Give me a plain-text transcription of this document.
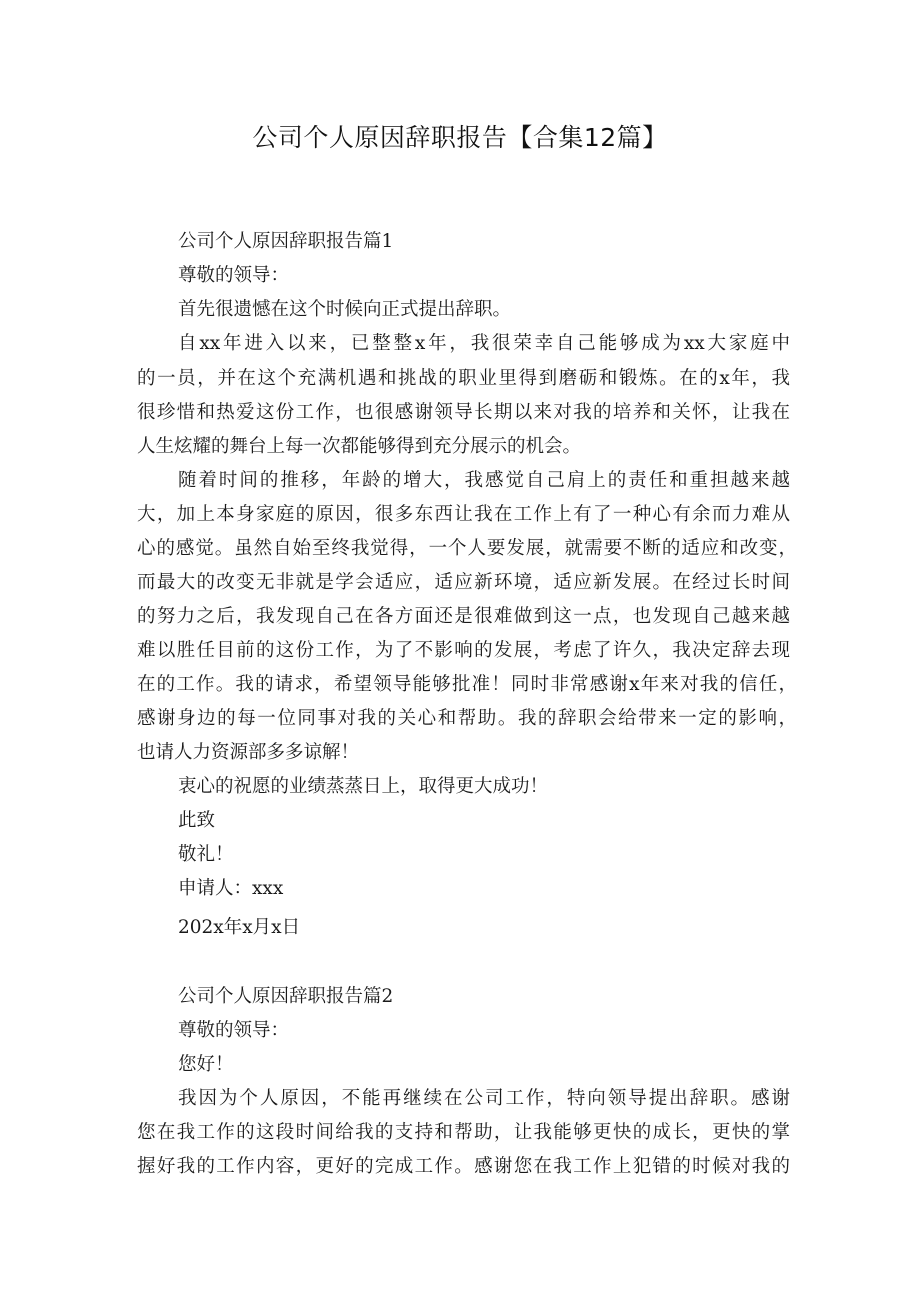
公司个人原因辞职报告【合集12篇】
公司个人原因辞职报告篇1
尊敬的领导：
首先很遗憾在这个时候向正式提出辞职。
自xx年进入以来，已整整x年，我很荣幸自己能够成为xx大家庭中
的一员，并在这个充满机遇和挑战的职业里得到磨砺和锻炼。在的x年，我
很珍惜和热爱这份工作，也很感谢领导长期以来对我的培养和关怀，让我在
人生炫耀的舞台上每一次都能够得到充分展示的机会。
随着时间的推移，年龄的增大，我感觉自己肩上的责任和重担越来越
大，加上本身家庭的原因，很多东西让我在工作上有了一种心有余而力难从
心的感觉。虽然自始至终我觉得，一个人要发展，就需要不断的适应和改变，
而最大的改变无非就是学会适应，适应新环境，适应新发展。在经过长时间
的努力之后，我发现自己在各方面还是很难做到这一点，也发现自己越来越
难以胜任目前的这份工作，为了不影响的发展，考虑了许久，我决定辞去现
在的工作。我的请求，希望领导能够批准！同时非常感谢x年来对我的信任，
感谢身边的每一位同事对我的关心和帮助。我的辞职会给带来一定的影响，
也请人力资源部多多谅解！
衷心的祝愿的业绩蒸蒸日上，取得更大成功！
此致
敬礼！
申请人：xxx
202x年x月x日
公司个人原因辞职报告篇2
尊敬的领导：
您好！
我因为个人原因，不能再继续在公司工作，特向领导提出辞职。感谢
您在我工作的这段时间给我的支持和帮助，让我能够更快的成长，更快的掌
握好我的工作内容，更好的完成工作。感谢您在我工作上犯错的时候对我的
